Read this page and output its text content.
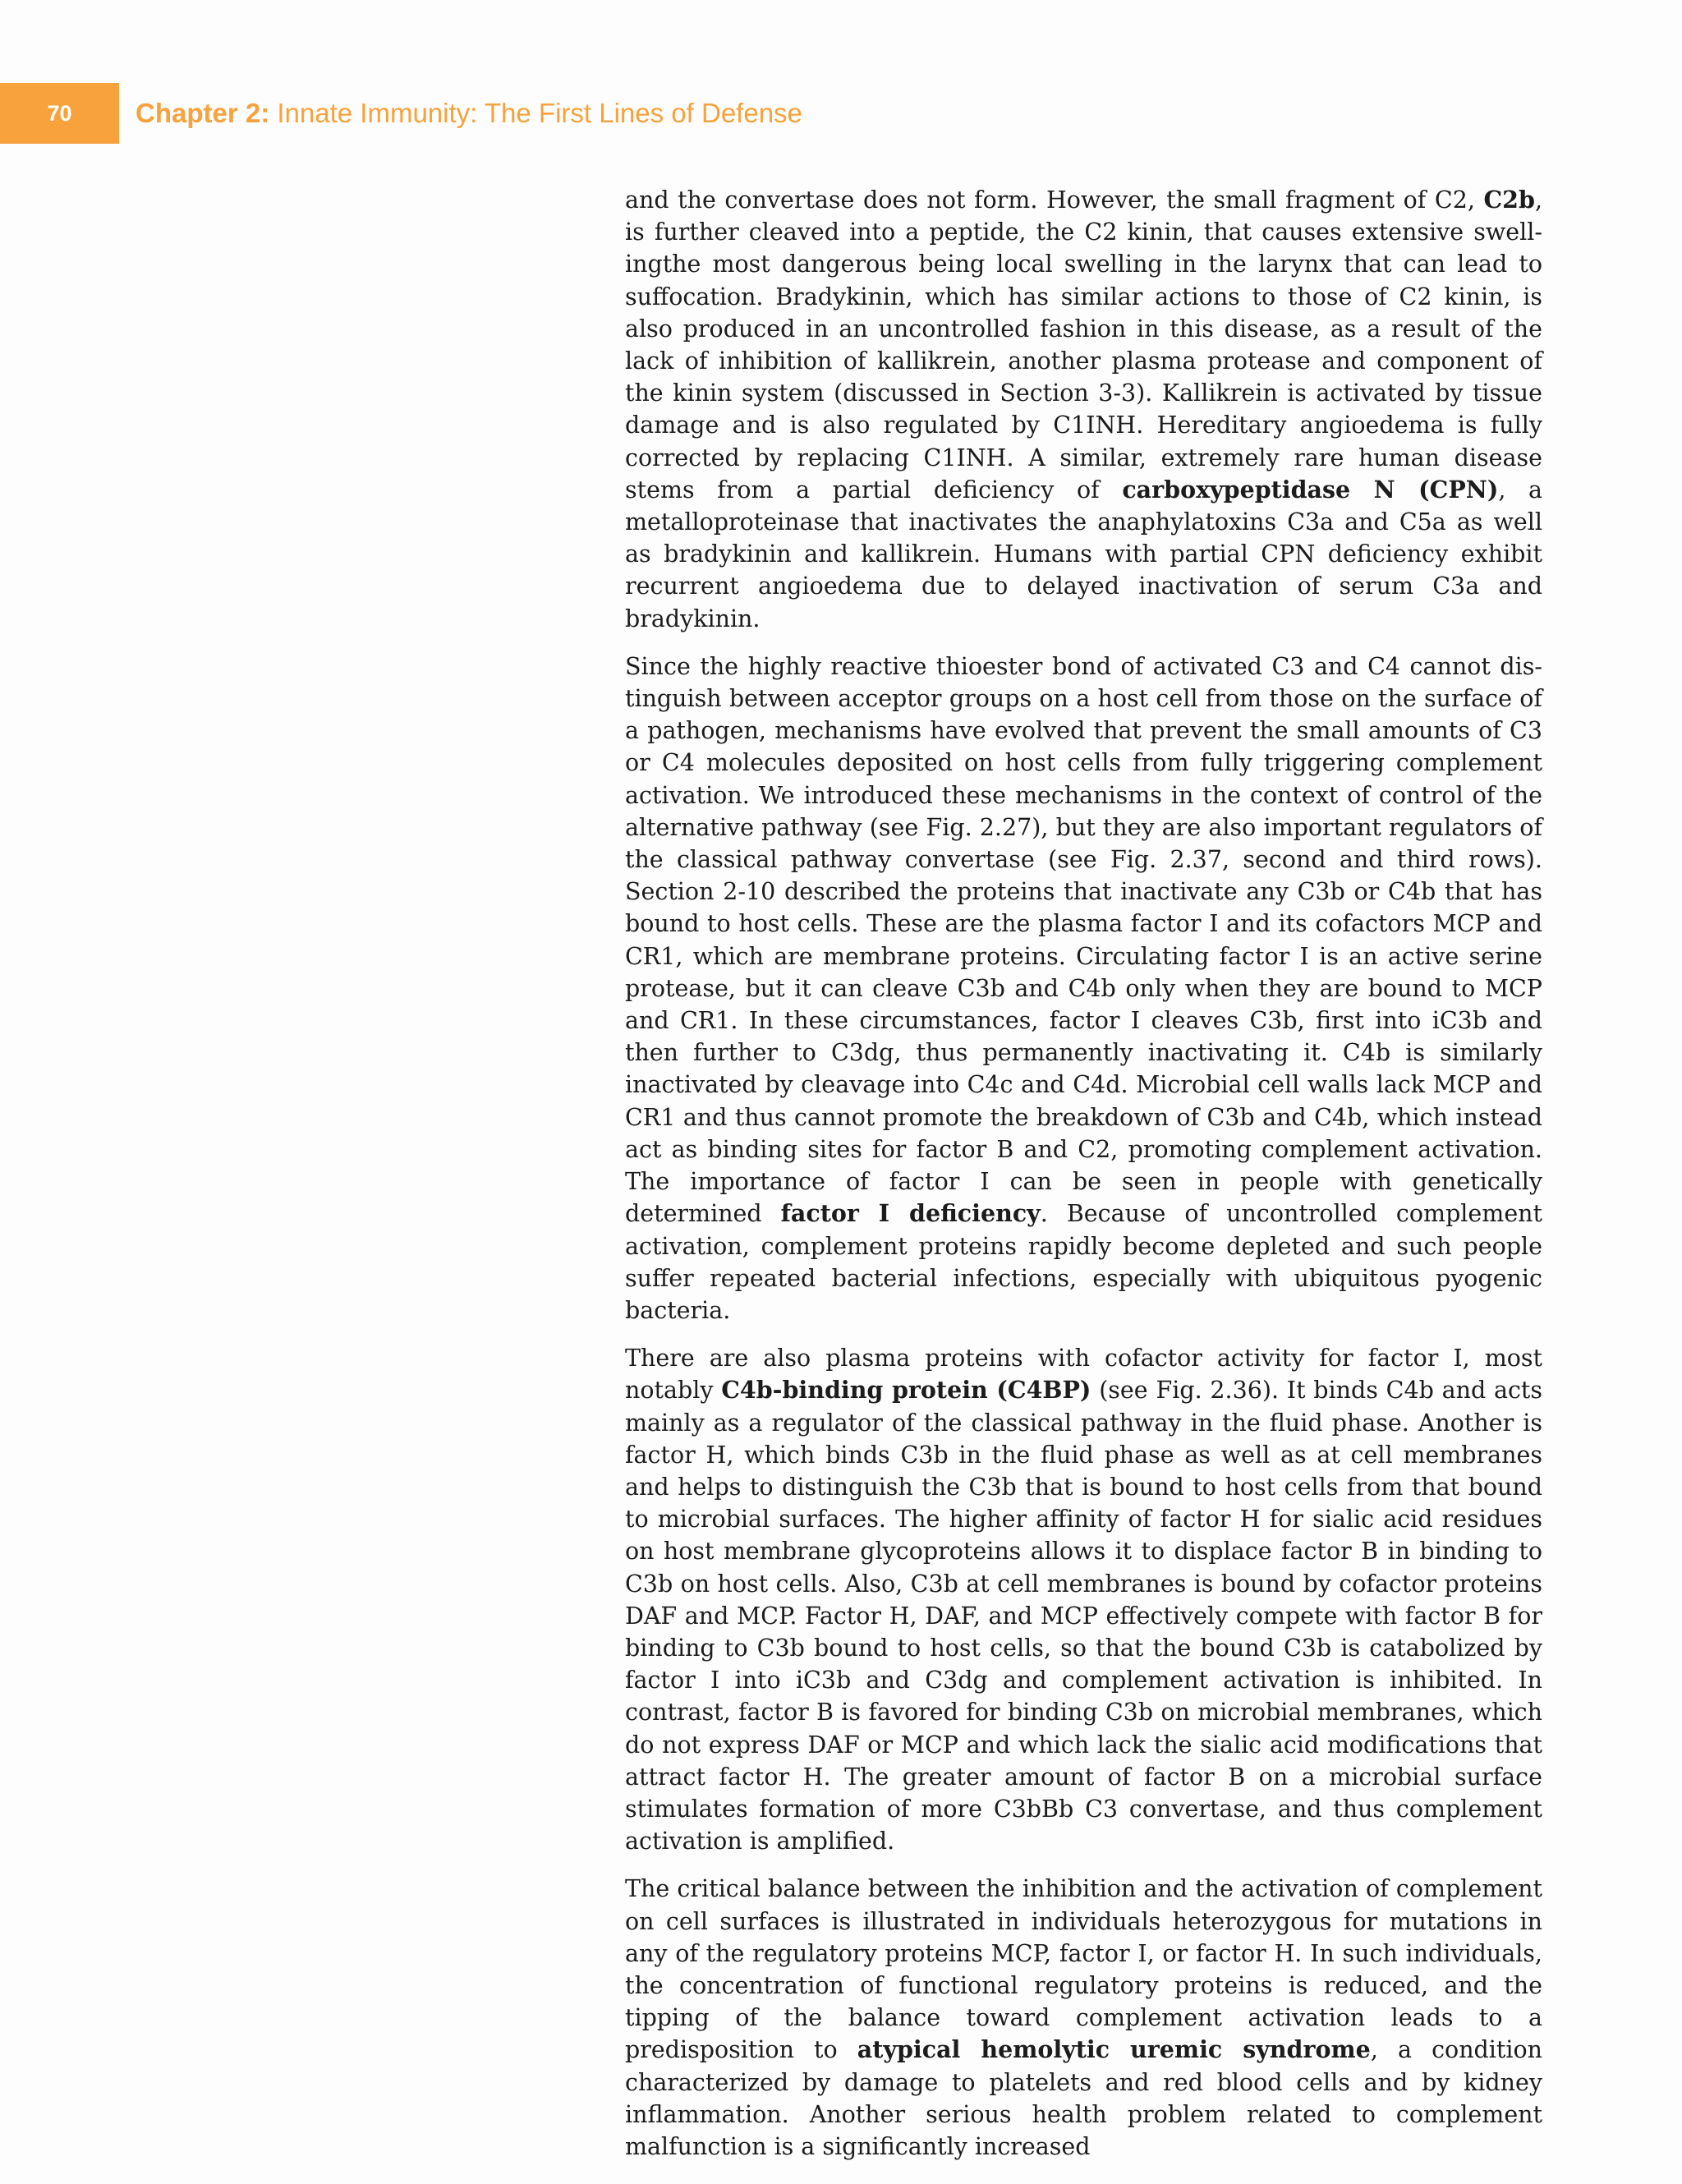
70 Chapter 2: Innate Immunity: The First Lines of Defense

and the convertase does not form. However, the small fragment of C2, C2b, is further cleaved into a peptide, the C2 kinin, that causes extensive swellingthe most dangerous being local swelling in the larynx that can lead to suffocation. Bradykinin, which has similar actions to those of C2 kinin, is also produced in an uncontrolled fashion in this disease, as a result of the lack of inhibition of kallikrein, another plasma protease and component of the kinin system (discussed in Section 3-3). Kallikrein is activated by tissue damage and is also regulated by C1INH. Hereditary angioedema is fully corrected by replacing C1INH. A similar, extremely rare human disease stems from a partial deficiency of carboxypeptidase N (CPN), a metalloproteinase that inactivates the anaphylatoxins C3a and C5a as well as bradykinin and kallikrein. Humans with partial CPN deficiency exhibit recurrent angioedema due to delayed inactivation of serum C3a and bradykinin.

Since the highly reactive thioester bond of activated C3 and C4 cannot distinguish between acceptor groups on a host cell from those on the surface of a pathogen, mechanisms have evolved that prevent the small amounts of C3 or C4 molecules deposited on host cells from fully triggering complement activation. We introduced these mechanisms in the context of control of the alternative pathway (see Fig. 2.27), but they are also important regulators of the classical pathway convertase (see Fig. 2.37, second and third rows). Section 2-10 described the proteins that inactivate any C3b or C4b that has bound to host cells. These are the plasma factor I and its cofactors MCP and CR1, which are membrane proteins. Circulating factor I is an active serine protease, but it can cleave C3b and C4b only when they are bound to MCP and CR1. In these circumstances, factor I cleaves C3b, first into iC3b and then further to C3dg, thus permanently inactivating it. C4b is similarly inactivated by cleavage into C4c and C4d. Microbial cell walls lack MCP and CR1 and thus cannot promote the breakdown of C3b and C4b, which instead act as binding sites for factor B and C2, promoting complement activation. The importance of factor I can be seen in people with genetically determined factor I deficiency. Because of uncontrolled complement activation, complement proteins rapidly become depleted and such people suffer repeated bacterial infections, especially with ubiquitous pyogenic bacteria.

There are also plasma proteins with cofactor activity for factor I, most notably C4b-binding protein (C4BP) (see Fig. 2.36). It binds C4b and acts mainly as a regulator of the classical pathway in the fluid phase. Another is factor H, which binds C3b in the fluid phase as well as at cell membranes and helps to distinguish the C3b that is bound to host cells from that bound to microbial surfaces. The higher affinity of factor H for sialic acid residues on host membrane glycoproteins allows it to displace factor B in binding to C3b on host cells. Also, C3b at cell membranes is bound by cofactor proteins DAF and MCP. Factor H, DAF, and MCP effectively compete with factor B for binding to C3b bound to host cells, so that the bound C3b is catabolized by factor I into iC3b and C3dg and complement activation is inhibited. In contrast, factor B is favored for binding C3b on microbial membranes, which do not express DAF or MCP and which lack the sialic acid modifications that attract factor H. The greater amount of factor B on a microbial surface stimulates formation of more C3bBb C3 convertase, and thus complement activation is amplified.

The critical balance between the inhibition and the activation of complement on cell surfaces is illustrated in individuals heterozygous for mutations in any of the regulatory proteins MCP, factor I, or factor H. In such individuals, the concentration of functional regulatory proteins is reduced, and the tipping of the balance toward complement activation leads to a predisposition to atypical hemolytic uremic syndrome, a condition characterized by damage to platelets and red blood cells and by kidney inflammation. Another serious health problem related to complement malfunction is a significantly increased
